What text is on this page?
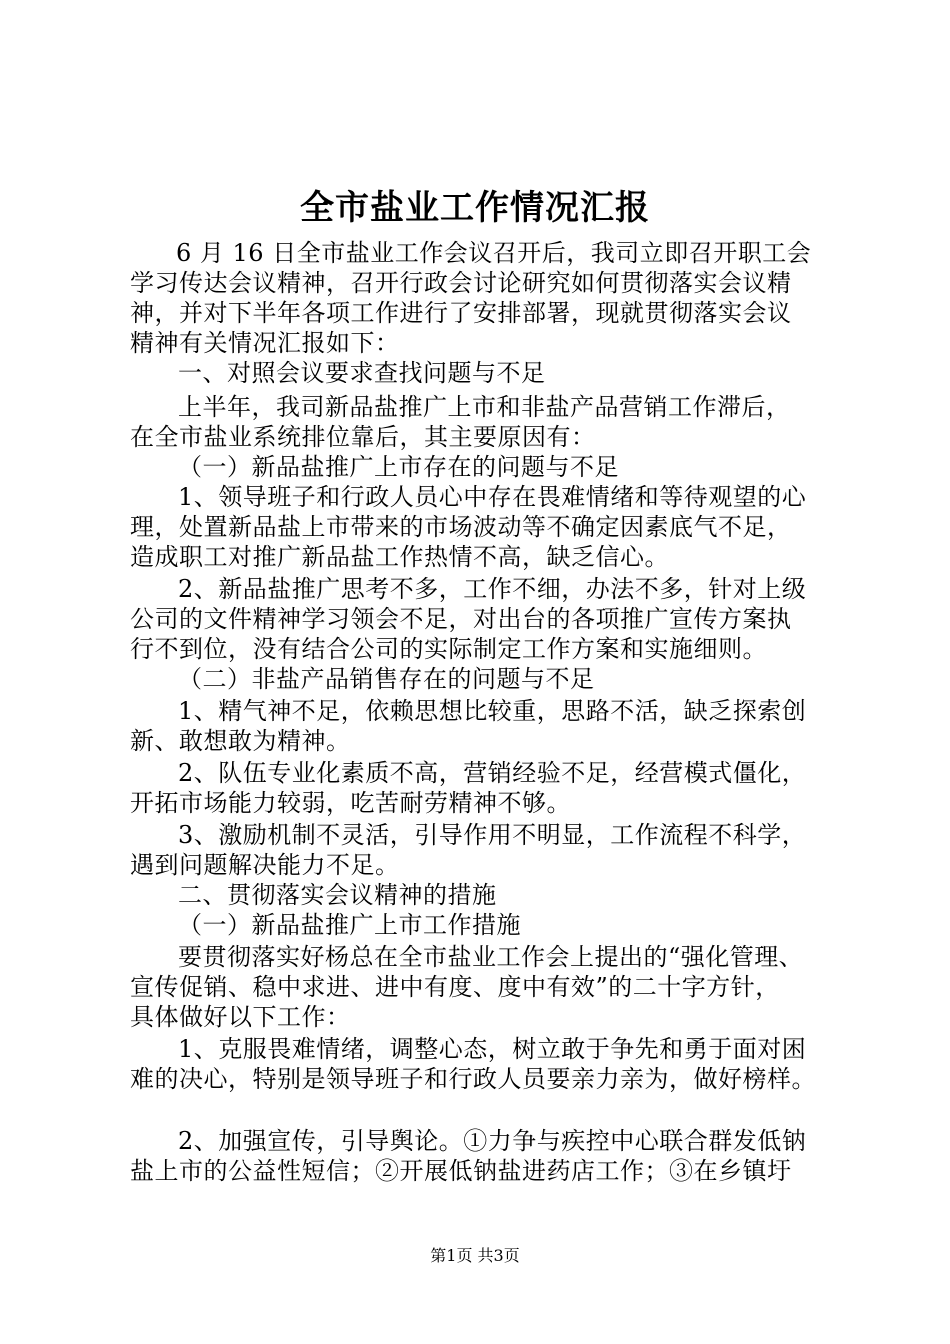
全市盐业工作情况汇报
6 月 16 日全市盐业工作会议召开后，我司立即召开职工会
学习传达会议精神，召开行政会讨论研究如何贯彻落实会议精
神，并对下半年各项工作进行了安排部署，现就贯彻落实会议
精神有关情况汇报如下：
一、对照会议要求查找问题与不足
上半年，我司新品盐推广上市和非盐产品营销工作滞后，
在全市盐业系统排位靠后，其主要原因有：
（一）新品盐推广上市存在的问题与不足
1、领导班子和行政人员心中存在畏难情绪和等待观望的心
理，处置新品盐上市带来的市场波动等不确定因素底气不足，
造成职工对推广新品盐工作热情不高，缺乏信心。
2、新品盐推广思考不多，工作不细，办法不多，针对上级
公司的文件精神学习领会不足，对出台的各项推广宣传方案执
行不到位，没有结合公司的实际制定工作方案和实施细则。
（二）非盐产品销售存在的问题与不足
1、精气神不足，依赖思想比较重，思路不活，缺乏探索创
新、敢想敢为精神。
2、队伍专业化素质不高，营销经验不足，经营模式僵化，
开拓市场能力较弱，吃苦耐劳精神不够。
3、激励机制不灵活，引导作用不明显，工作流程不科学，
遇到问题解决能力不足。
二、贯彻落实会议精神的措施
（一）新品盐推广上市工作措施
要贯彻落实好杨总在全市盐业工作会上提出的“强化管理、
宣传促销、稳中求进、进中有度、度中有效”的二十字方针，
具体做好以下工作：
1、克服畏难情绪，调整心态，树立敢于争先和勇于面对困
难的决心，特别是领导班子和行政人员要亲力亲为，做好榜样。
2、加强宣传，引导舆论。①力争与疾控中心联合群发低钠
盐上市的公益性短信；②开展低钠盐进药店工作；③在乡镇圩
第1页 共3页
